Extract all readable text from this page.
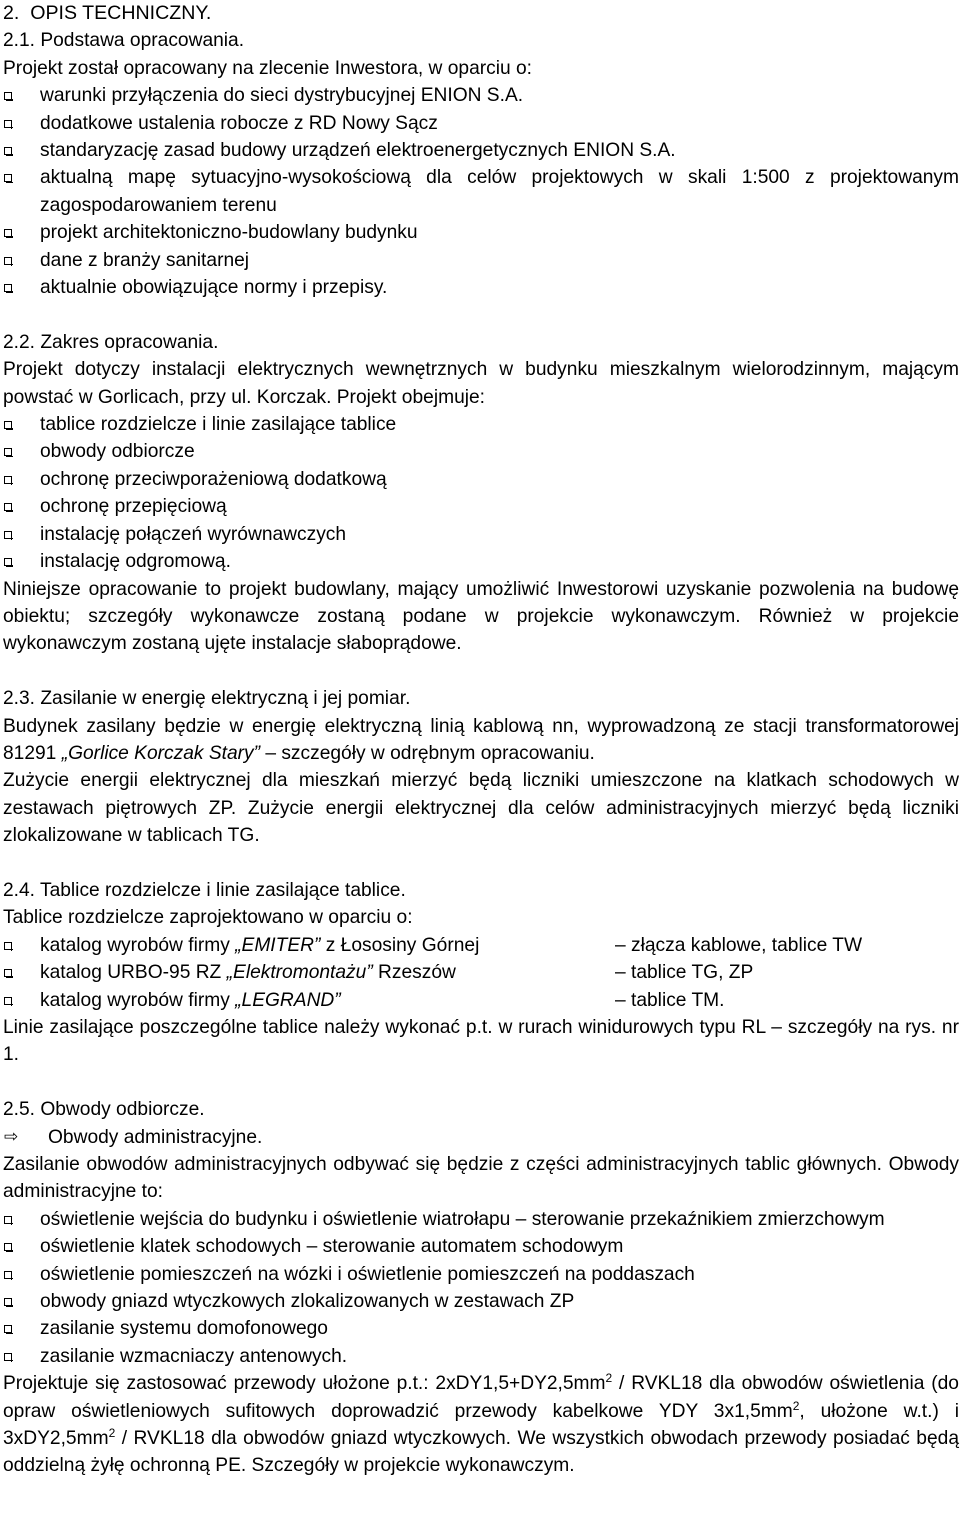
2.  OPIS TECHNICZNY.

2.1. Podstawa opracowania.

Projekt został opracowany na zlecenie Inwestora, w oparciu o:

warunki przyłączenia do sieci dystrybucyjnej ENION S.A.
dodatkowe ustalenia robocze z RD Nowy Sącz
standaryzację zasad budowy urządzeń elektroenergetycznych ENION S.A.
aktualną mapę sytuacyjno-wysokościową dla celów projektowych w skali 1:500 z projektowanym zagospodarowaniem terenu
projekt architektoniczno-budowlany budynku
dane z branży sanitarnej
aktualnie obowiązujące normy i przepisy.

2.2. Zakres opracowania.

Projekt dotyczy instalacji elektrycznych wewnętrznych w budynku mieszkalnym wielorodzinnym, mającym powstać w Gorlicach, przy ul. Korczak. Projekt obejmuje:

tablice rozdzielcze i linie zasilające tablice
obwody odbiorcze
ochronę przeciwporażeniową dodatkową
ochronę przepięciową
instalację połączeń wyrównawczych
instalację odgromową.

Niniejsze opracowanie to projekt budowlany, mający umożliwić Inwestorowi uzyskanie pozwolenia na budowę obiektu; szczegóły wykonawcze zostaną podane w projekcie wykonawczym. Również w projekcie wykonawczym zostaną ujęte instalacje słaboprądowe.

2.3. Zasilanie w energię elektryczną i jej pomiar.

Budynek zasilany będzie w energię elektryczną linią kablową nn, wyprowadzoną ze stacji transformatorowej 81291 „Gorlice Korczak Stary” – szczegóły w odrębnym opracowaniu.

Zużycie energii elektrycznej dla mieszkań mierzyć będą liczniki umieszczone na klatkach schodowych w zestawach piętrowych ZP. Zużycie energii elektrycznej dla celów administracyjnych mierzyć będą liczniki zlokalizowane w tablicach TG.

2.4. Tablice rozdzielcze i linie zasilające tablice.

Tablice rozdzielcze zaprojektowano w oparciu o:

katalog wyrobów firmy „EMITER” z Łososiny Górnej	– złącza kablowe, tablice TW
katalog URBO-95 RZ „Elektromontażu” Rzeszów	– tablice TG, ZP
katalog wyrobów firmy „LEGRAND”	– tablice TM.

Linie zasilające poszczególne tablice należy wykonać p.t. w rurach winidurowych typu RL – szczegóły na rys. nr 1.

2.5. Obwody odbiorcze.

⇨ Obwody administracyjne.

Zasilanie obwodów administracyjnych odbywać się będzie z części administracyjnych tablic głównych. Obwody administracyjne to:

oświetlenie wejścia do budynku i oświetlenie wiatrołapu – sterowanie przekaźnikiem zmierzchowym
oświetlenie klatek schodowych – sterowanie automatem schodowym
oświetlenie pomieszczeń na wózki i oświetlenie pomieszczeń na poddaszach
obwody gniazd wtyczkowych zlokalizowanych w zestawach ZP
zasilanie systemu domofonowego
zasilanie wzmacniaczy antenowych.

Projektuje się zastosować przewody ułożone p.t.: $2xDY1,5+DY2,5mm^2$ / RVKL18 dla obwodów oświetlenia (do opraw oświetleniowych sufitowych doprowadzić przewody kabelkowe YDY $3x1,5mm^2$, ułożone w.t.) i $3xDY2,5mm^2$ / RVKL18 dla obwodów gniazd wtyczkowych. We wszystkich obwodach przewody posiadać będą oddzielną żyłę ochronną PE. Szczegóły w projekcie wykonawczym.
